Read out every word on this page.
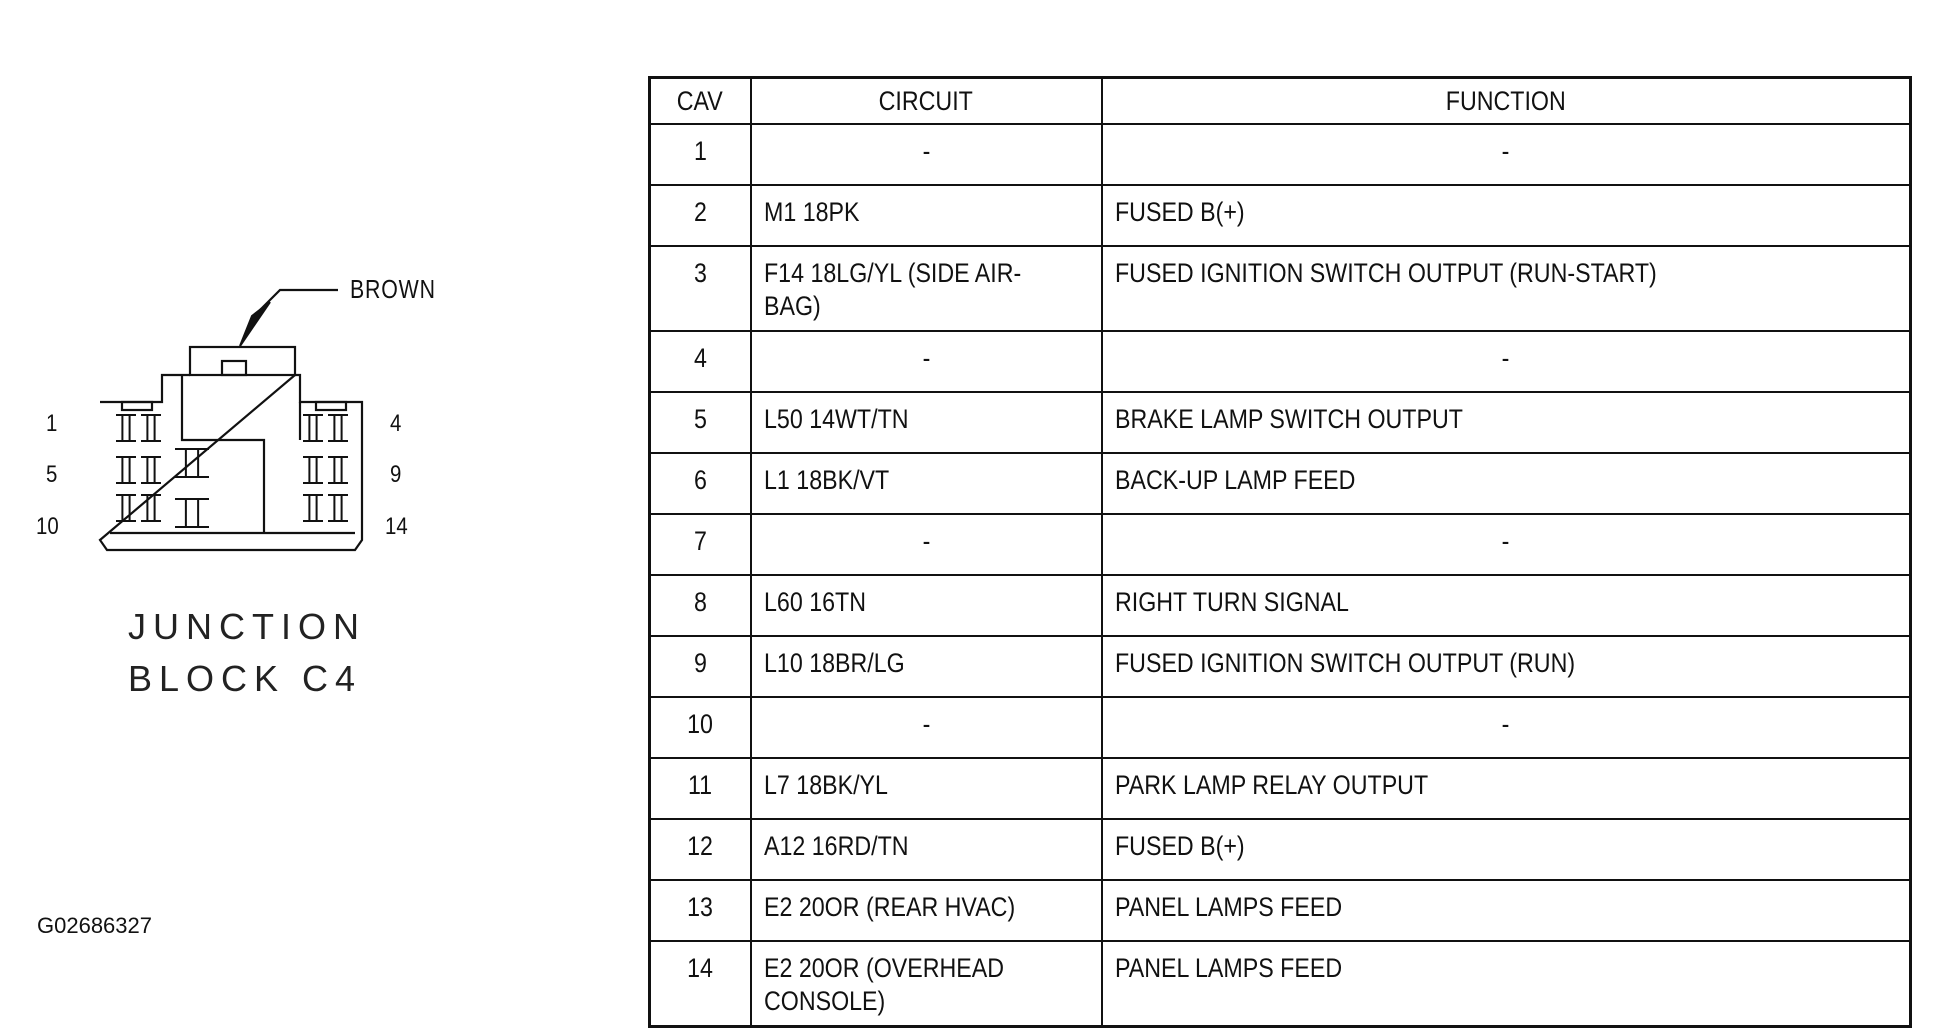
1	4
5	9
10	14
BROWN
JUNCTION
BLOCK C4
G02686327
CAV	CIRCUIT	FUNCTION
1	-	-
2	M1 18PK	FUSED B(+)
3	F14 18LG/YL (SIDE AIR-
BAG)	FUSED IGNITION SWITCH OUTPUT (RUN-START)
4	-	-
5	L50 14WT/TN	BRAKE LAMP SWITCH OUTPUT
6	L1 18BK/VT	BACK-UP LAMP FEED
7	-	-
8	L60 16TN	RIGHT TURN SIGNAL
9	L10 18BR/LG	FUSED IGNITION SWITCH OUTPUT (RUN)
10	-	-
11	L7 18BK/YL	PARK LAMP RELAY OUTPUT
12	A12 16RD/TN	FUSED B(+)
13	E2 20OR (REAR HVAC)	PANEL LAMPS FEED
14	E2 20OR (OVERHEAD
CONSOLE)	PANEL LAMPS FEED
